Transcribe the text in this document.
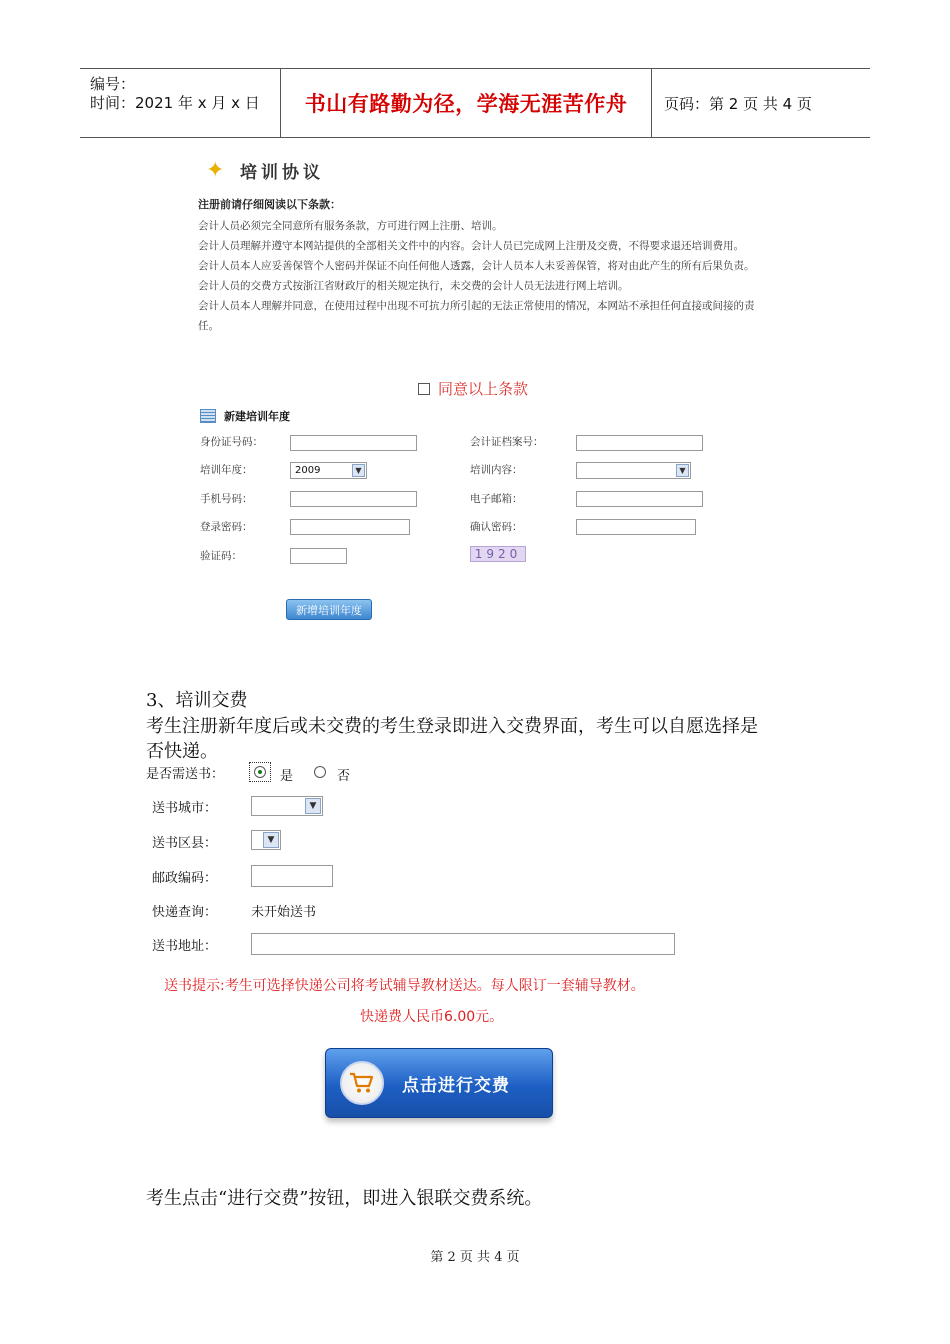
编号：
时间：2021 年 x 月 x 日 书山有路勤为径，学海无涯苦作舟 页码：第 2 页 共 4 页
✦ 培训协议
注册前请仔细阅读以下条款：

会计人员必须完全同意所有服务条款，方可进行网上注册、培训。

会计人员理解并遵守本网站提供的全部相关文件中的内容。会计人员已完成网上注册及交费，不得要求退还培训费用。

会计人员本人应妥善保管个人密码并保证不向任何他人透露，会计人员本人未妥善保管，将对由此产生的所有后果负责。

会计人员的交费方式按浙江省财政厅的相关规定执行，未交费的会计人员无法进行网上培训。

会计人员本人理解并同意，在使用过程中出现不可抗力所引起的无法正常使用的情况，本网站不承担任何直接或间接的责任。

同意以上条款
新建培训年度
身份证号码：	会计证档案号：
培训年度：	2009	▼	培训内容：	▼
手机号码：	电子邮箱：
登录密码：	确认密码：
验证码：	1920
新增培训年度
3、培训交费
考生注册新年度后或未交费的考生登录即进入交费界面，考生可以自愿选择是
否快递。
是否需送书：	是	否
送书城市：	▼
送书区县：	▼
邮政编码：
快递查询：	未开始送书
送书地址：
送书提示:考生可选择快递公司将考试辅导教材送达。每人限订一套辅导教材。
快递费人民币6.00元。
点击进行交费
考生点击“进行交费”按钮，即进入银联交费系统。
第 2 页 共 4 页
